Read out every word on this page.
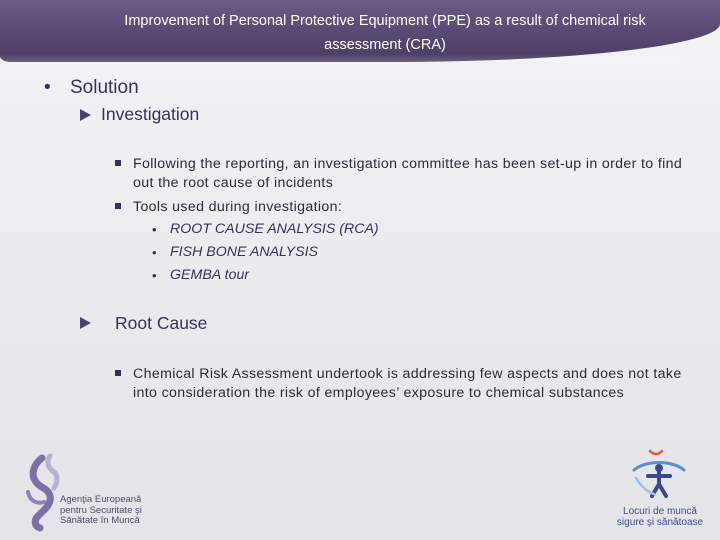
Improvement of Personal Protective Equipment (PPE) as a result of chemical risk
assessment (CRA)
• Solution
Investigation
Following the reporting, an investigation committee has been set-up in order to find out the root cause of incidents
Tools used during investigation:
• ROOT CAUSE ANALYSIS (RCA)
• FISH BONE ANALYSIS
• GEMBA tour
Root Cause
Chemical Risk Assessment undertook is addressing few aspects and does not take into consideration the risk of employees’ exposure to chemical substances
Agenţia Europeană
pentru Securitate şi
Sănătate în Muncă
Locuri de muncă
sigure şi sănătoase
